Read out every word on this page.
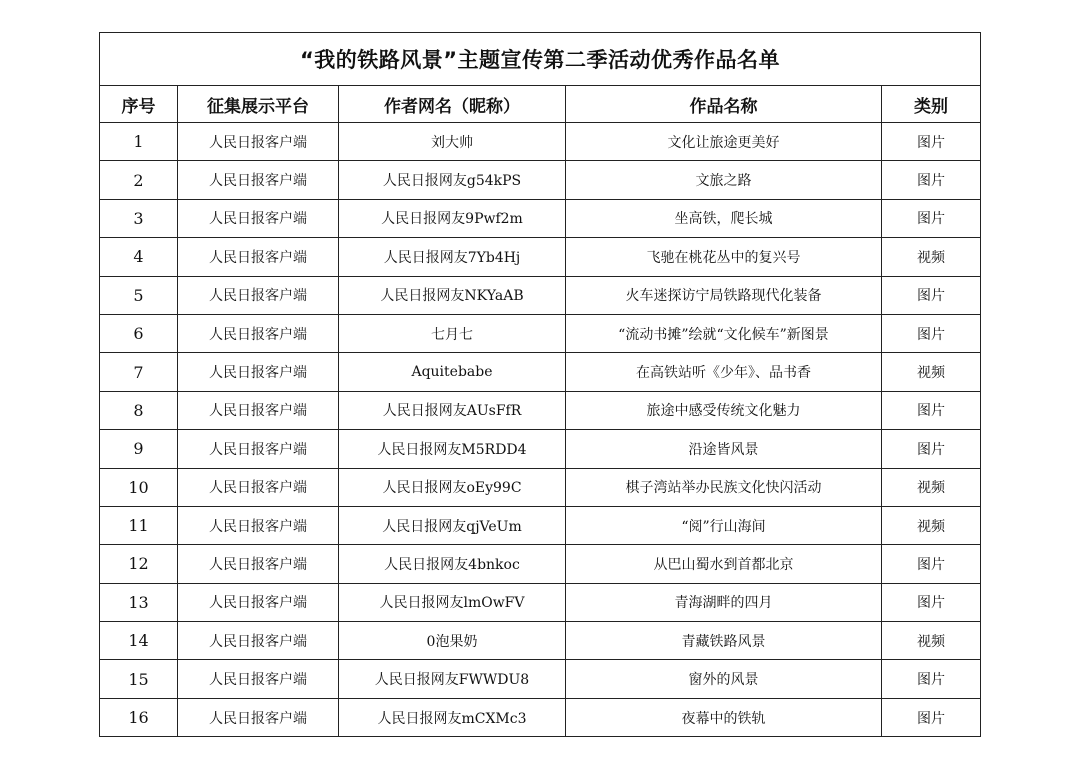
“我的铁路风景”主题宣传第二季活动优秀作品名单				
序号	征集展示平台	作者网名（昵称）	作品名称	类别
1	人民日报客户端	刘大帅	文化让旅途更美好	图片
2	人民日报客户端	人民日报网友g54kPS	文旅之路	图片
3	人民日报客户端	人民日报网友9Pwf2m	坐高铁，爬长城	图片
4	人民日报客户端	人民日报网友7Yb4Hj	飞驰在桃花丛中的复兴号	视频
5	人民日报客户端	人民日报网友NKYaAB	火车迷探访宁局铁路现代化装备	图片
6	人民日报客户端	七月七	“流动书摊”绘就“文化候车”新图景	图片
7	人民日报客户端	Aquitebabe	在高铁站听《少年》、品书香	视频
8	人民日报客户端	人民日报网友AUsFfR	旅途中感受传统文化魅力	图片
9	人民日报客户端	人民日报网友M5RDD4	沿途皆风景	图片
10	人民日报客户端	人民日报网友oEy99C	棋子湾站举办民族文化快闪活动	视频
11	人民日报客户端	人民日报网友qjVeUm	“阅”行山海间	视频
12	人民日报客户端	人民日报网友4bnkoc	从巴山蜀水到首都北京	图片
13	人民日报客户端	人民日报网友lmOwFV	青海湖畔的四月	图片
14	人民日报客户端	0泡果奶	青藏铁路风景	视频
15	人民日报客户端	人民日报网友FWWDU8	窗外的风景	图片
16	人民日报客户端	人民日报网友mCXMc3	夜幕中的铁轨	图片
